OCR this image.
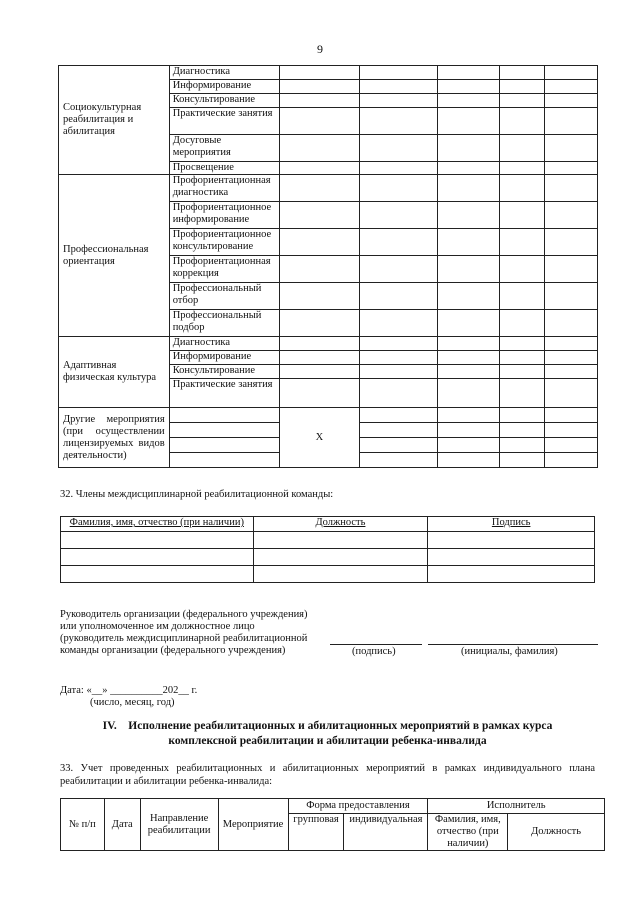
9
Социокультурная реабилитация и абилитация	Диагностика					
	Информирование					
	Консультирование					
	Практические занятия					
	Досуговые мероприятия					
	Просвещение					
Профессиональная ориентация	Профориентационная диагностика					
	Профориентационное информирование					
	Профориентационное консультирование					
	Профориентационная коррекция					
	Профессиональный отбор					
	Профессиональный подбор					
Адаптивная физическая культура	Диагностика					
	Информирование					
	Консультирование					
	Практические занятия					
Другие мероприятия (при осуществлении лицензируемых видов деятельности)		X				

32. Члены междисциплинарной реабилитационной команды:
Фамилия, имя, отчество (при наличии)	Должность	Подпись

Руководитель организации (федерального учреждения)
или уполномоченное им должностное лицо
(руководитель междисциплинарной реабилитационной
команды организации (федерального учреждения)	(подпись)	(инициалы, фамилия)
Дата: «__» __________202__ г.
(число, месяц, год)
IV. Исполнение реабилитационных и абилитационных мероприятий в рамках курса
комплексной реабилитации и абилитации ребенка-инвалида
33. Учет проведенных реабилитационных и абилитационных мероприятий в рамках индивидуального плана реабилитации и абилитации ребенка-инвалида:
№ п/п	Дата	Направление реабилитации	Мероприятие	Форма предоставления		Исполнитель	
				групповая	индивидуальная	Фамилия, имя, отчество (при наличии)	Должность
